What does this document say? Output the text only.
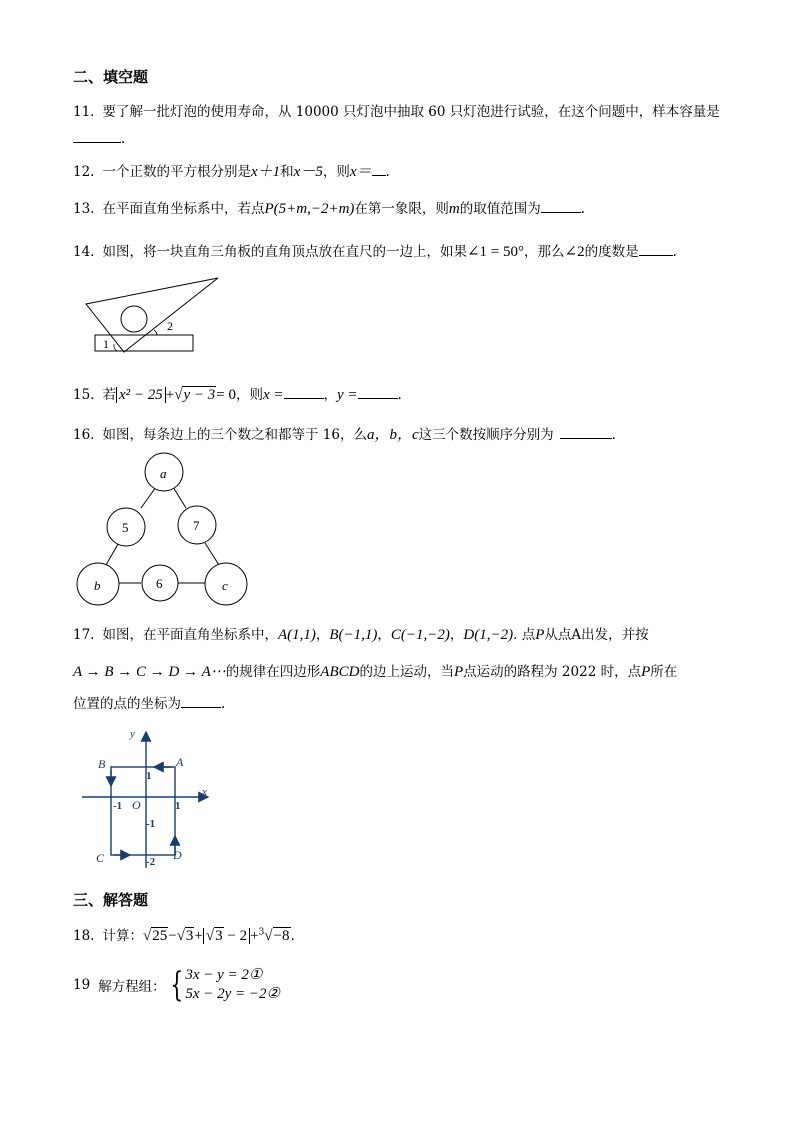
二、填空题
11. 要了解一批灯泡的使用寿命，从 10000 只灯泡中抽取 60 只灯泡进行试验，在这个问题中，样本容量是
.
12. 一个正数的平方根分别是x＋1和x－5，则x＝ .
13. 在平面直角坐标系中，若点P(5+m,−2+m)在第一象限，则m的取值范围为	.
14. 如图，将一块直角三角板的直角顶点放在直尺的一边上，如果∠1 = 50°，那么∠2的度数是	.
1
2
15. 若 x² − 25 +√y − 3= 0，则x =	，y =	.
16. 如图，每条边上的三个数之和都等于 16，么a，b，c这三个数按顺序分别为	.
a
5	7
b	6	c
17. 如图，在平面直角坐标系中，A(1,1)，B(−1,1)，C(−1,−2)，D(1,−2). 点P从点A出发，并按
A → B → C → D → A⋯的规律在四边形ABCD的边上运动，当P点运动的路程为 2022 时，点P所在
位置的点的坐标为	.
y
x
B	A
1
-1 O	1
-1
C	-2 D
三、解答题
18. 计算：√25−√3+ √3 − 2 +$^3$√−8.
19 解方程组： { 3x − y = 2①
5x − 2y = −2②
